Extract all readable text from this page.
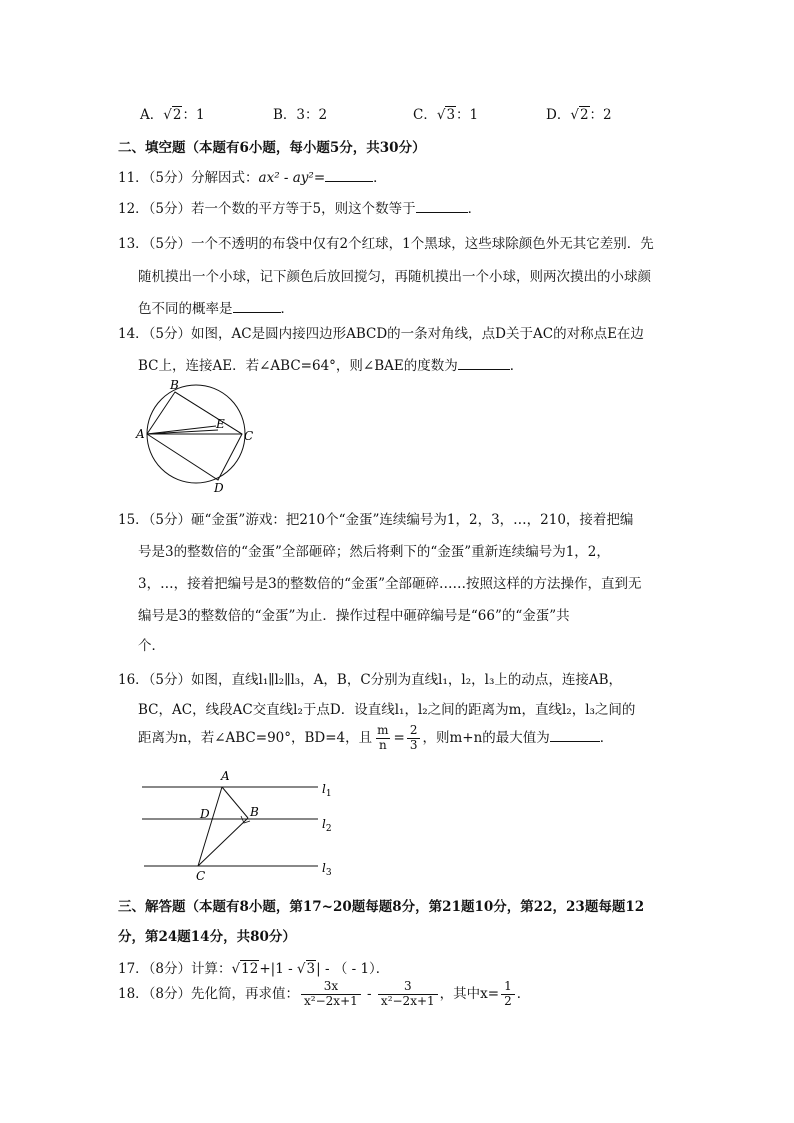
A．√2：1	B．3：2	C．√3：1	D．√2：2
二、填空题（本题有6小题，每小题5分，共30分）
11．（5分）分解因式：ax² - ay²=	．
12．（5分）若一个数的平方等于5，则这个数等于	．
13．（5分）一个不透明的布袋中仅有2个红球，1个黑球，这些球除颜色外无其它差别．先
随机摸出一个小球，记下颜色后放回搅匀，再随机摸出一个小球，则两次摸出的小球颜
色不同的概率是	．
14．（5分）如图，AC是圆内接四边形ABCD的一条对角线，点D关于AC的对称点E在边
BC上，连接AE．若∠ABC=64°，则∠BAE的度数为	．
B
E
A	C
D
15．（5分）砸“金蛋”游戏：把210个“金蛋”连续编号为1，2，3，…，210，接着把编
号是3的整数倍的“金蛋”全部砸碎；然后将剩下的“金蛋”重新连续编号为1，2，
3，…，接着把编号是3的整数倍的“金蛋”全部砸碎……按照这样的方法操作，直到无
编号是3的整数倍的“金蛋”为止．操作过程中砸碎编号是“66”的“金蛋”共
个．
16．（5分）如图，直线l₁∥l₂∥l₃，A，B，C分别为直线l₁，l₂，l₃上的动点，连接AB，
BC，AC，线段AC交直线l₂于点D．设直线l₁，l₂之间的距离为m，直线l₂，l₃之间的
距离为n，若∠ABC=90°，BD=4，且 $\frac{m}{n} = \frac{2}{3}$ ，则m+n的最大值为	．
A
D	B
C
$l_1$
$l_2$
$l_3$
三、解答题（本题有8小题，第17~20题每题8分，第21题10分，第22，23题每题12
分，第24题14分，共80分）
17．（8分）计算：√12+|1 - √3| - （ - 1）．
18．（8分）先化简，再求值： $\frac{3x}{\text{x²−2x+1}} - \frac{3}{\text{x²−2x+1}}$ ，其中$x= \frac{1}{2}$ ．
